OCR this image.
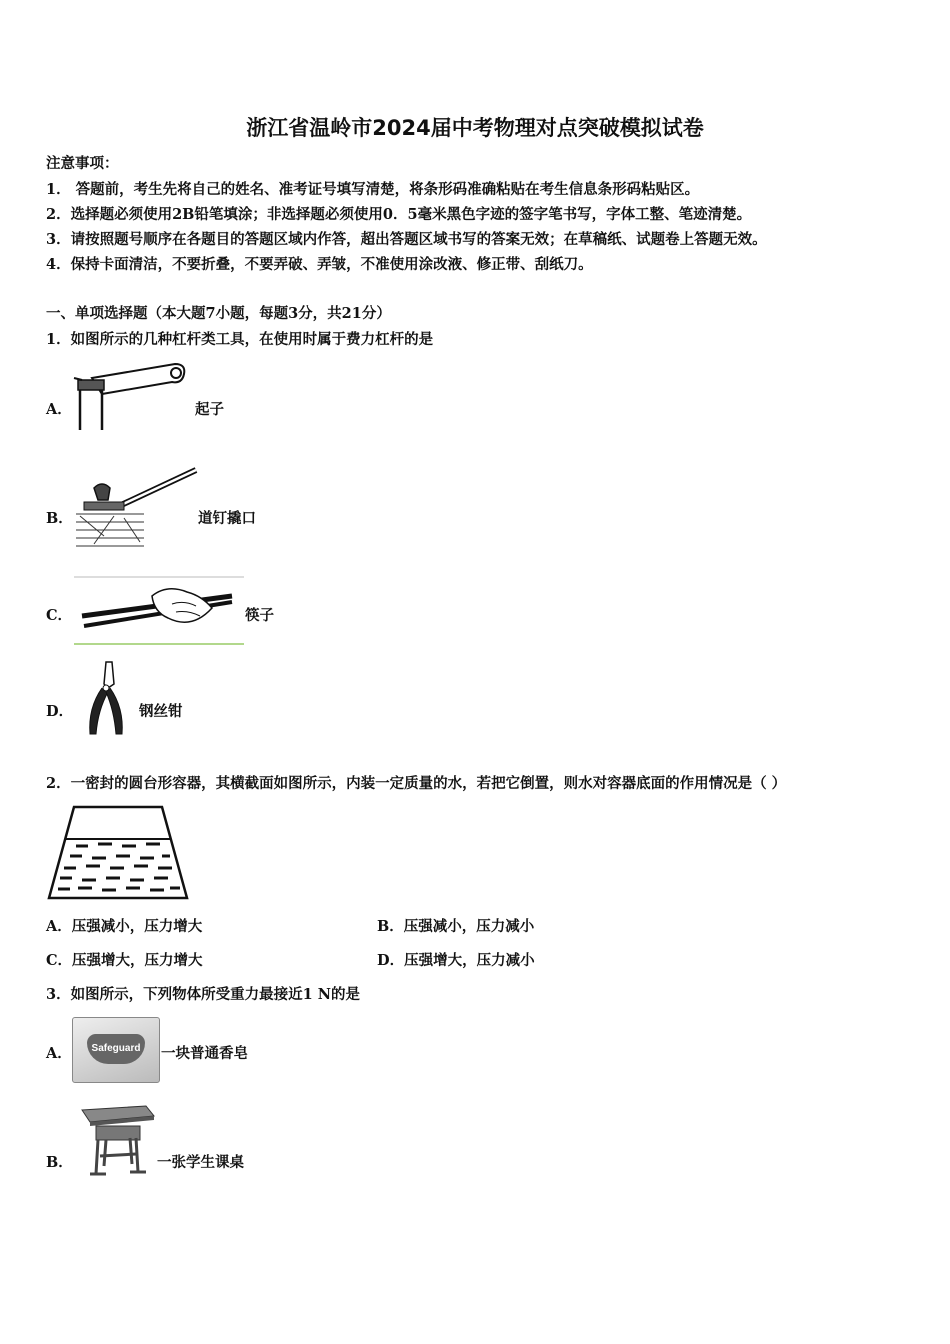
浙江省温岭市2024届中考物理对点突破模拟试卷
注意事项：
1． 答题前，考生先将自己的姓名、准考证号填写清楚，将条形码准确粘贴在考生信息条形码粘贴区。
2．选择题必须使用2B铅笔填涂；非选择题必须使用0．5毫米黑色字迹的签字笔书写，字体工整、笔迹清楚。
3．请按照题号顺序在各题目的答题区域内作答，超出答题区域书写的答案无效；在草稿纸、试题卷上答题无效。
4．保持卡面清洁，不要折叠，不要弄破、弄皱，不准使用涂改液、修正带、刮纸刀。
一、单项选择题（本大题7小题，每题3分，共21分）
1．如图所示的几种杠杆类工具，在使用时属于费力杠杆的是
A．	起子
B．	道钉撬口
C．	筷子
D．	钢丝钳
2．一密封的圆台形容器，其横截面如图所示，内装一定质量的水，若把它倒置，则水对容器底面的作用情况是（ ）
A．压强减小，压力增大	B．压强减小，压力减小
C．压强增大，压力增大	D．压强增大，压力减小
3．如图所示，下列物体所受重力最接近1 N的是
A．	Safeguard	一块普通香皂
B．	一张学生课桌
